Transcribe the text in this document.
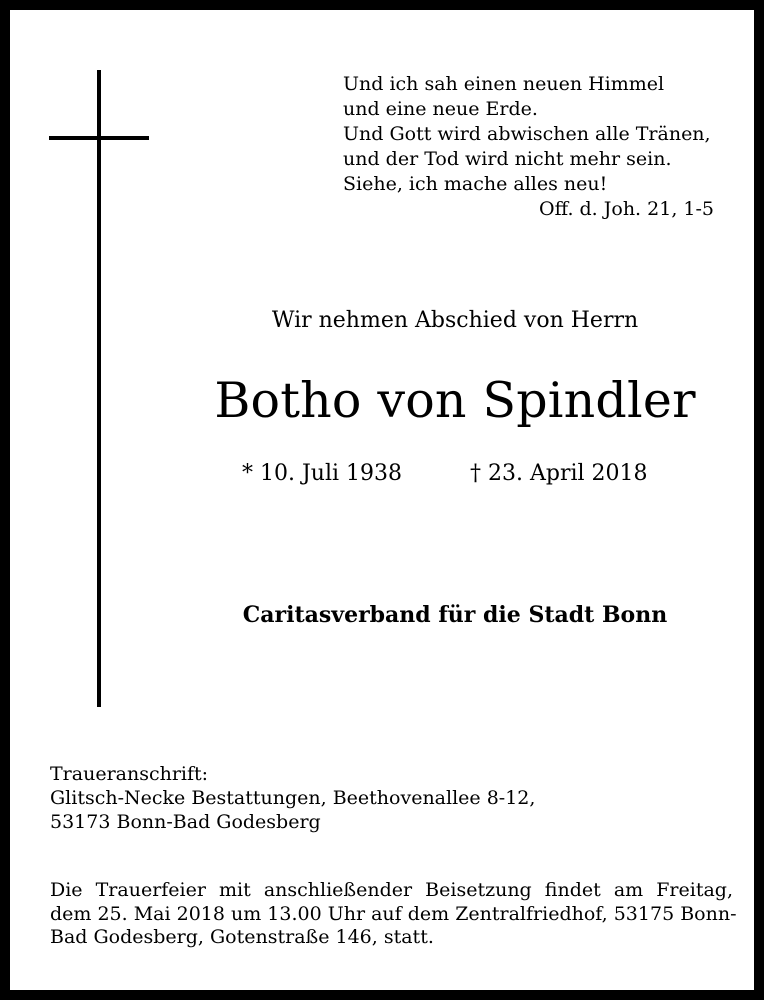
Und ich sah einen neuen Himmel
und eine neue Erde.
Und Gott wird abwischen alle Tränen,
und der Tod wird nicht mehr sein.
Siehe, ich mache alles neu!
Off. d. Joh. 21, 1-5
Wir nehmen Abschied von Herrn
Botho von Spindler
* 10. Juli 1938	† 23. April 2018
Caritasverband für die Stadt Bonn
Traueranschrift:
Glitsch-Necke Bestattungen, Beethovenallee 8-12,
53173 Bonn-Bad Godesberg
Die Trauerfeier mit anschließender Beisetzung findet am Freitag,
dem 25. Mai 2018 um 13.00 Uhr auf dem Zentralfriedhof, 53175 Bonn-
Bad Godesberg, Gotenstraße 146, statt.
